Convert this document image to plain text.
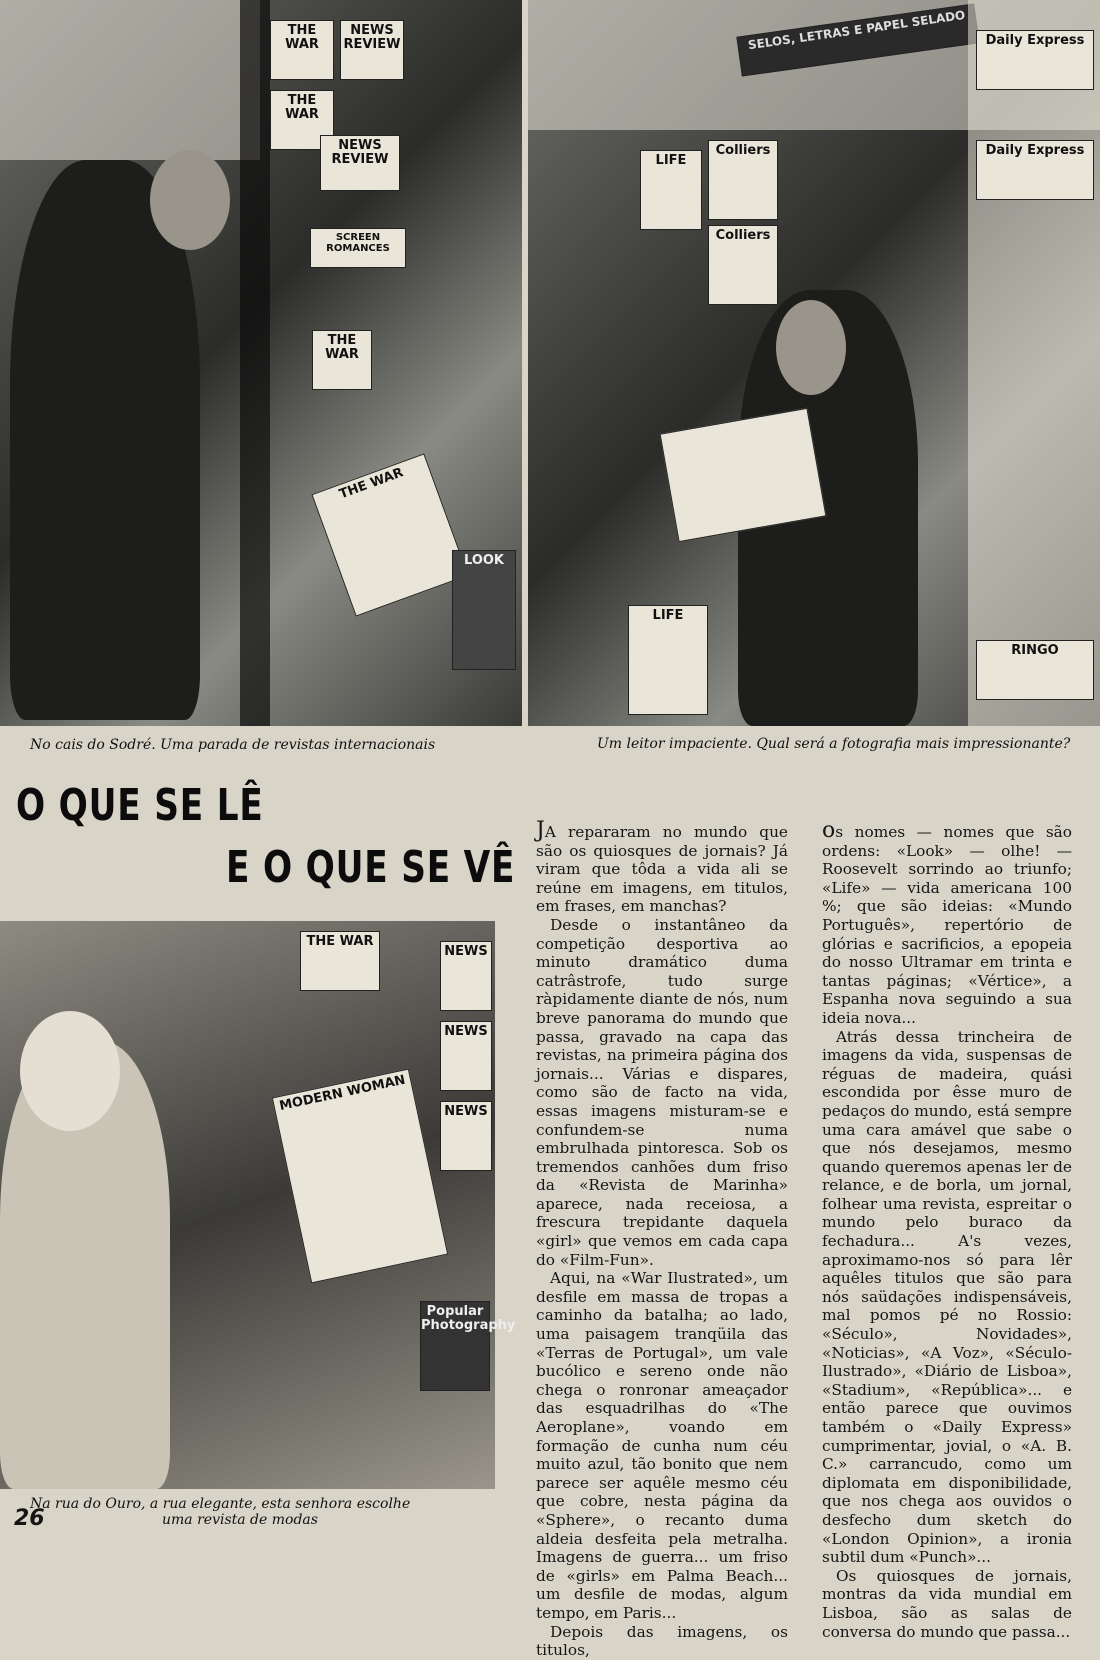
THE WAR
NEWS REVIEW
THE WAR
NEWS REVIEW
SCREEN ROMANCES
THE WAR
THE WAR
LOOK
SELOS, LETRAS E PAPEL SELADO	Daily Express
Daily Express
RINGO
Colliers
LIFE
Colliers
LIFE
No cais do Sodré. Uma parada de revistas internacionais	Um leitor impaciente. Qual será a fotografia mais impressionante?
O QUE SE LÊ
E O QUE SE VÊ
THE WAR
NEWS
NEWS
NEWS
MODERN WOMAN
Popular Photography
Na rua do Ouro, a rua elegante, esta senhora escolhe
uma revista de modas

JA repararam no mundo que são os quiosques de jornais? Já viram que tôda a vida ali se reúne em imagens, em titulos, em frases, em manchas?

Desde o instantâneo da competição desportiva ao minuto dramático duma catrâstrofe, tudo surge ràpidamente diante de nós, num breve panorama do mundo que passa, gravado na capa das revistas, na primeira página dos jornais... Várias e dispares, como são de facto na vida, essas imagens misturam-se e confundem-se numa embrulhada pintoresca. Sob os tremendos canhões dum friso da «Revista de Marinha» aparece, nada receiosa, a frescura trepidante daquela «girl» que vemos em cada capa do «Film-Fun».

Aqui, na «War Ilustrated», um desfile em massa de tropas a caminho da batalha; ao lado, uma paisagem tranqüila das «Terras de Portugal», um vale bucólico e sereno onde não chega o ronronar ameaçador das esquadrilhas do «The Aeroplane», voando em formação de cunha num céu muito azul, tão bonito que nem parece ser aquêle mesmo céu que cobre, nesta página da «Sphere», o recanto duma aldeia desfeita pela metralha. Imagens de guerra... um friso de «girls» em Palma Beach... um desfile de modas, algum tempo, em Paris...

Depois das imagens, os titulos,

os nomes — nomes que são ordens: «Look» — olhe! — Roosevelt sorrindo ao triunfo; «Life» — vida americana 100 %; que são ideias: «Mundo Português», repertório de glórias e sacrificios, a epopeia do nosso Ultramar em trinta e tantas páginas; «Vértice», a Espanha nova seguindo a sua ideia nova...

Atrás dessa trincheira de imagens da vida, suspensas de réguas de madeira, quási escondida por êsse muro de pedaços do mundo, está sempre uma cara amável que sabe o que nós desejamos, mesmo quando queremos apenas ler de relance, e de borla, um jornal, folhear uma revista, espreitar o mundo pelo buraco da fechadura... A's vezes, aproximamo-nos só para lêr aquêles titulos que são para nós saüdações indispensáveis, mal pomos pé no Rossio: «Século», Novidades», «Noticias», «A Voz», «Século-Ilustrado», «Diário de Lisboa», «Stadium», «República»... e então parece que ouvimos também o «Daily Express» cumprimentar, jovial, o «A. B. C.» carrancudo, como um diplomata em disponibilidade, que nos chega aos ouvidos o desfecho dum sketch do «London Opinion», a ironia subtil dum «Punch»...

Os quiosques de jornais, montras da vida mundial em Lisboa, são as salas de conversa do mundo que passa...

26
